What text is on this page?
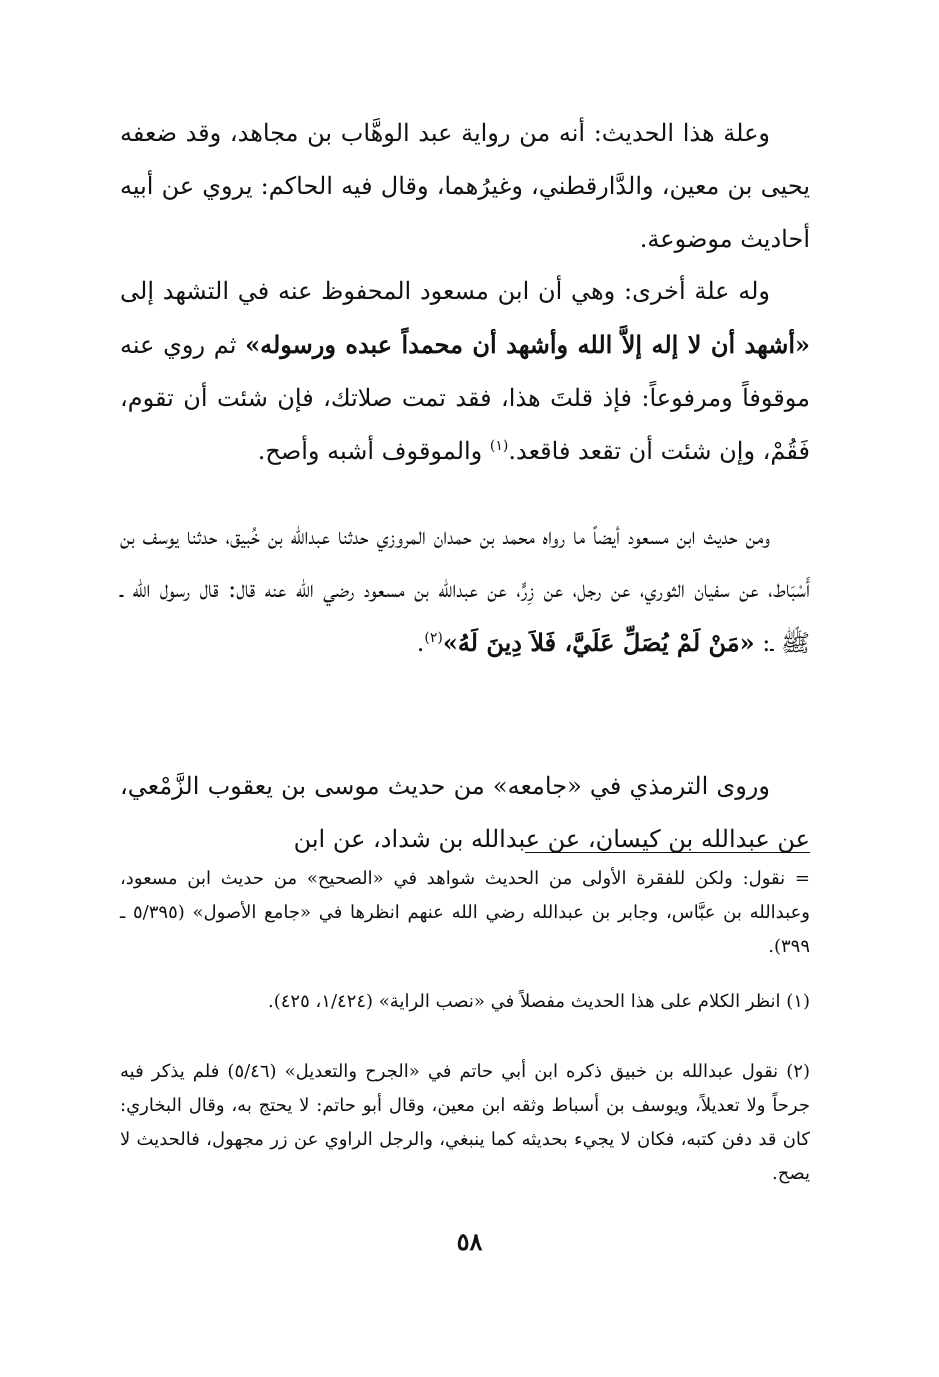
وعلة هذا الحديث: أنه من رواية عبد الوهَّاب بن مجاهد، وقد ضعفه يحيى بن معين، والدَّارقطني، وغيرُهما، وقال فيه الحاكم: يروي عن أبيه أحاديث موضوعة.

وله علة أخرى: وهي أن ابن مسعود المحفوظ عنه في التشهد إلى «أشهد أن لا إله إلاَّ الله وأشهد أن محمداً عبده ورسوله» ثم روي عنه موقوفاً ومرفوعاً: فإذ قلتَ هذا، فقد تمت صلاتك، فإن شئت أن تقوم، فَقُمْ، وإن شئت أن تقعد فاقعد.$^{(١)}$ والموقوف أشبه وأصح.

ومن حديث ابن مسعود أيضاً ما رواه محمد بن حمدان المروزي حدثنا عبدالله بن خُبيق، حدثنا يوسف بن أَسْبَاط، عن سفيان الثوري، عن رجل، عن زِرٍّ، عن عبدالله بن مسعود رضي الله عنه قال: قال رسول الله ـ ﷺ ـ: «مَنْ لَمْ يُصَلِّ عَلَيَّ، فَلاَ دِينَ لَهُ»$^{(٢)}$.

وروى الترمذي في «جامعه» من حديث موسى بن يعقوب الزَّمْعي، عن عبدالله بن كيسان، عن عبدالله بن شداد، عن ابن

= نقول: ولكن للفقرة الأولى من الحديث شواهد في «الصحيح» من حديث ابن مسعود، وعبدالله بن عبَّاس، وجابر بن عبدالله رضي الله عنهم انظرها في «جامع الأصول» (٥/٣٩٥ ـ ٣٩٩).

(١) انظر الكلام على هذا الحديث مفصلاً في «نصب الراية» (١/٤٢٤، ٤٢٥).

(٢) نقول عبدالله بن خبيق ذكره ابن أبي حاتم في «الجرح والتعديل» (٥/٤٦) فلم يذكر فيه جرحاً ولا تعديلاً، ويوسف بن أسباط وثقه ابن معين، وقال أبو حاتم: لا يحتج به، وقال البخاري: كان قد دفن كتبه، فكان لا يجيء بحديثه كما ينبغي، والرجل الراوي عن زر مجهول، فالحديث لا يصح.

٥٨
